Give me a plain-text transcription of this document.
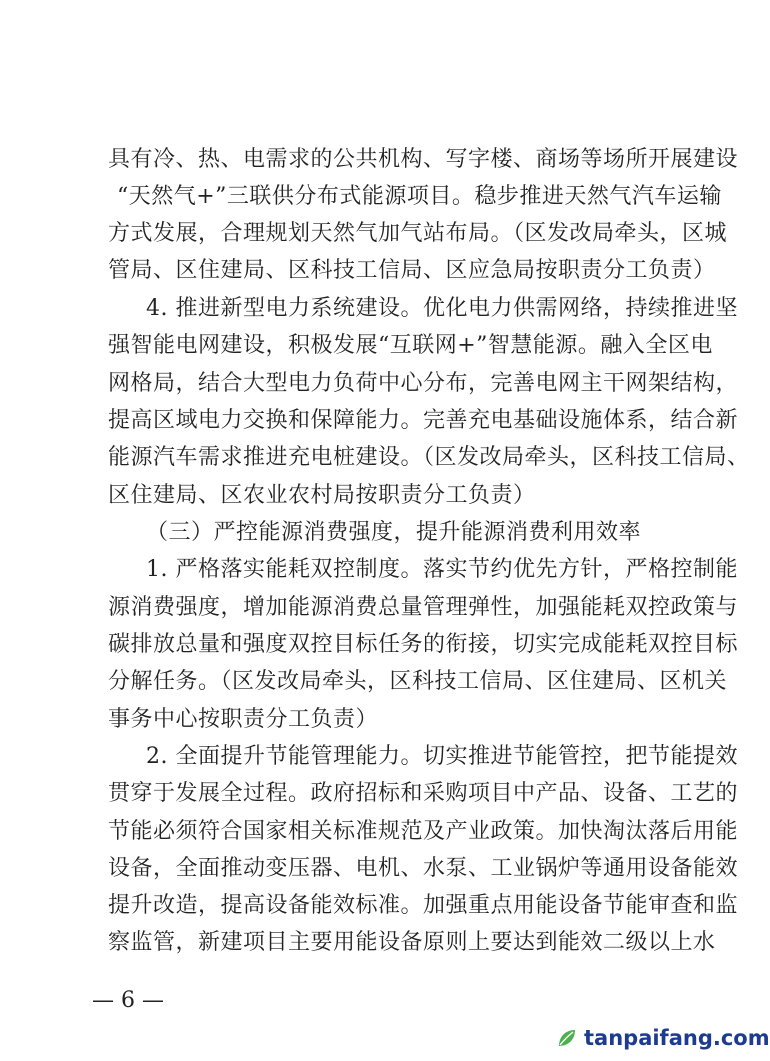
具有冷、热、电需求的公共机构、写字楼、商场等场所开展建设
“天然气+”三联供分布式能源项目。稳步推进天然气汽车运输
方式发展，合理规划天然气加气站布局。（区发改局牵头，区城
管局、区住建局、区科技工信局、区应急局按职责分工负责）
4. 推进新型电力系统建设。优化电力供需网络，持续推进坚
强智能电网建设，积极发展“互联网+”智慧能源。融入全区电
网格局，结合大型电力负荷中心分布，完善电网主干网架结构，
提高区域电力交换和保障能力。完善充电基础设施体系，结合新
能源汽车需求推进充电桩建设。（区发改局牵头，区科技工信局、
区住建局、区农业农村局按职责分工负责）
（三）严控能源消费强度，提升能源消费利用效率
1. 严格落实能耗双控制度。落实节约优先方针，严格控制能
源消费强度，增加能源消费总量管理弹性，加强能耗双控政策与
碳排放总量和强度双控目标任务的衔接，切实完成能耗双控目标
分解任务。（区发改局牵头，区科技工信局、区住建局、区机关
事务中心按职责分工负责）
2. 全面提升节能管理能力。切实推进节能管控，把节能提效
贯穿于发展全过程。政府招标和采购项目中产品、设备、工艺的
节能必须符合国家相关标准规范及产业政策。加快淘汰落后用能
设备，全面推动变压器、电机、水泵、工业锅炉等通用设备能效
提升改造，提高设备能效标准。加强重点用能设备节能审查和监
察监管，新建项目主要用能设备原则上要达到能效二级以上水
— 6 —
tanpaifang.com
